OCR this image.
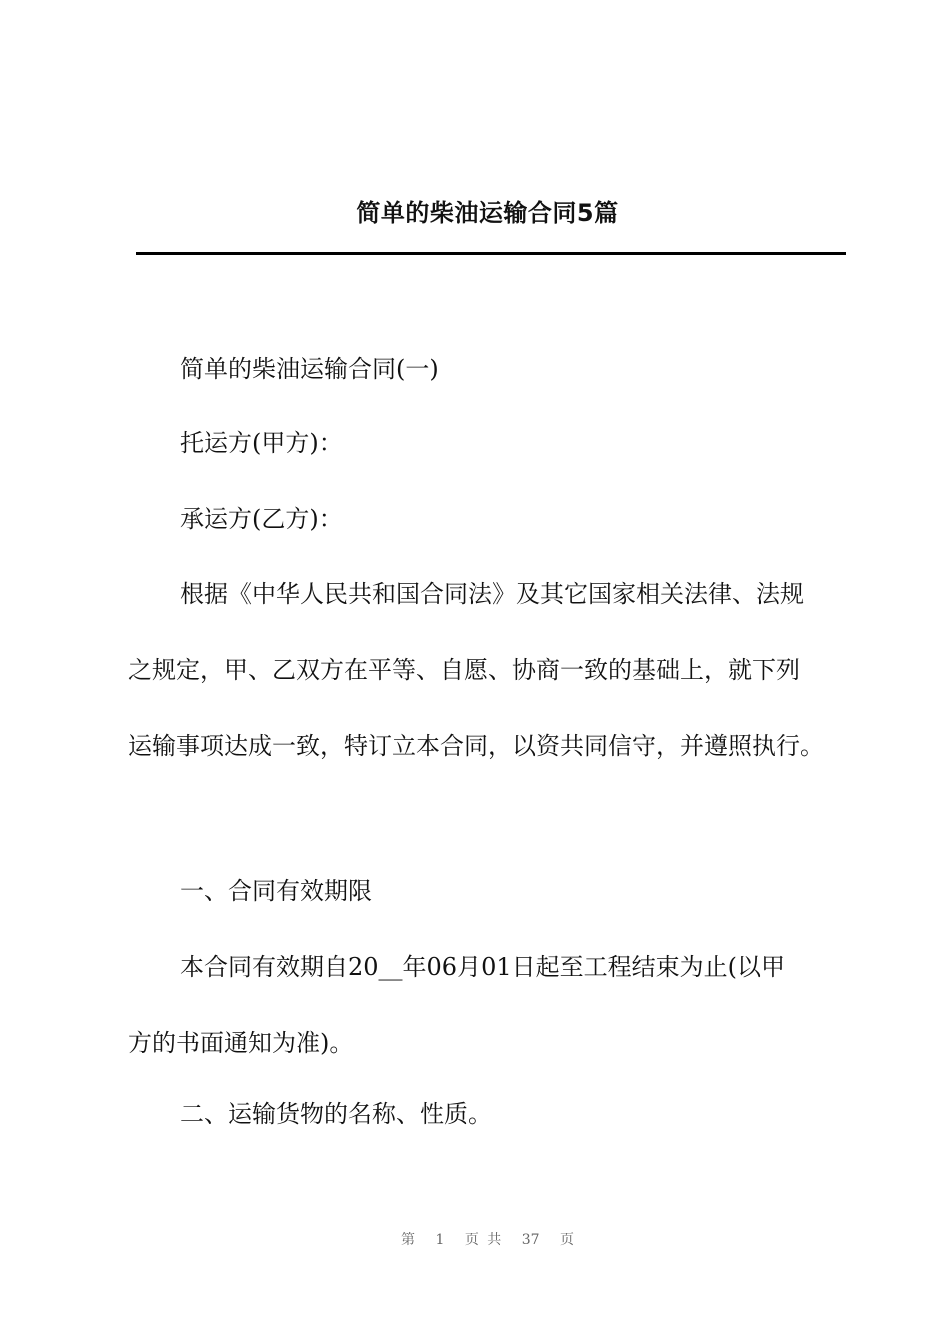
简单的柴油运输合同5篇
简单的柴油运输合同(一)
托运方(甲方)：
承运方(乙方)：
根据《中华人民共和国合同法》及其它国家相关法律、法规
之规定，甲、乙双方在平等、自愿、协商一致的基础上，就下列
运输事项达成一致，特订立本合同，以资共同信守，并遵照执行。
一、合同有效期限
本合同有效期自20__年06月01日起至工程结束为止(以甲
方的书面通知为准)。
二、运输货物的名称、性质。
第 1 页 共 37 页
